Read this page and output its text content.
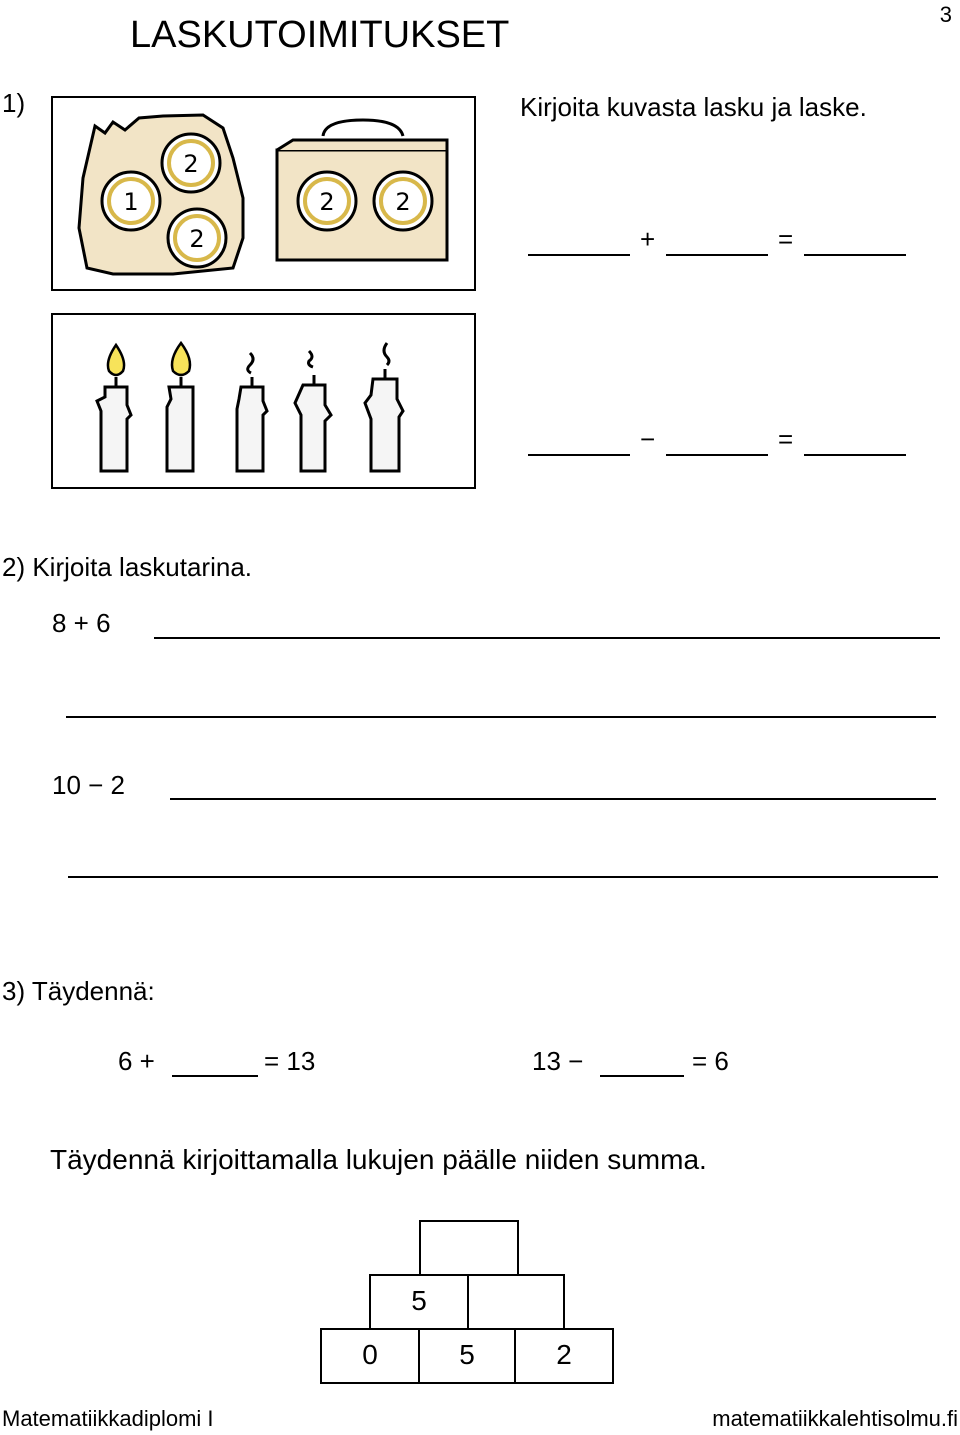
3
LASKUTOIMITUKSET
1)	Kirjoita kuvasta lasku ja laske.
2
1
2
2	2
+	=
−	=
2) Kirjoita laskutarina.
8 + 6
10 − 2
3) Täydennä:
6 +	= 13	13 −	= 6
Täydennä kirjoittamalla lukujen päälle niiden summa.
5
0	5	2
Matematiikkadiplomi I	matematiikkalehtisolmu.fi
